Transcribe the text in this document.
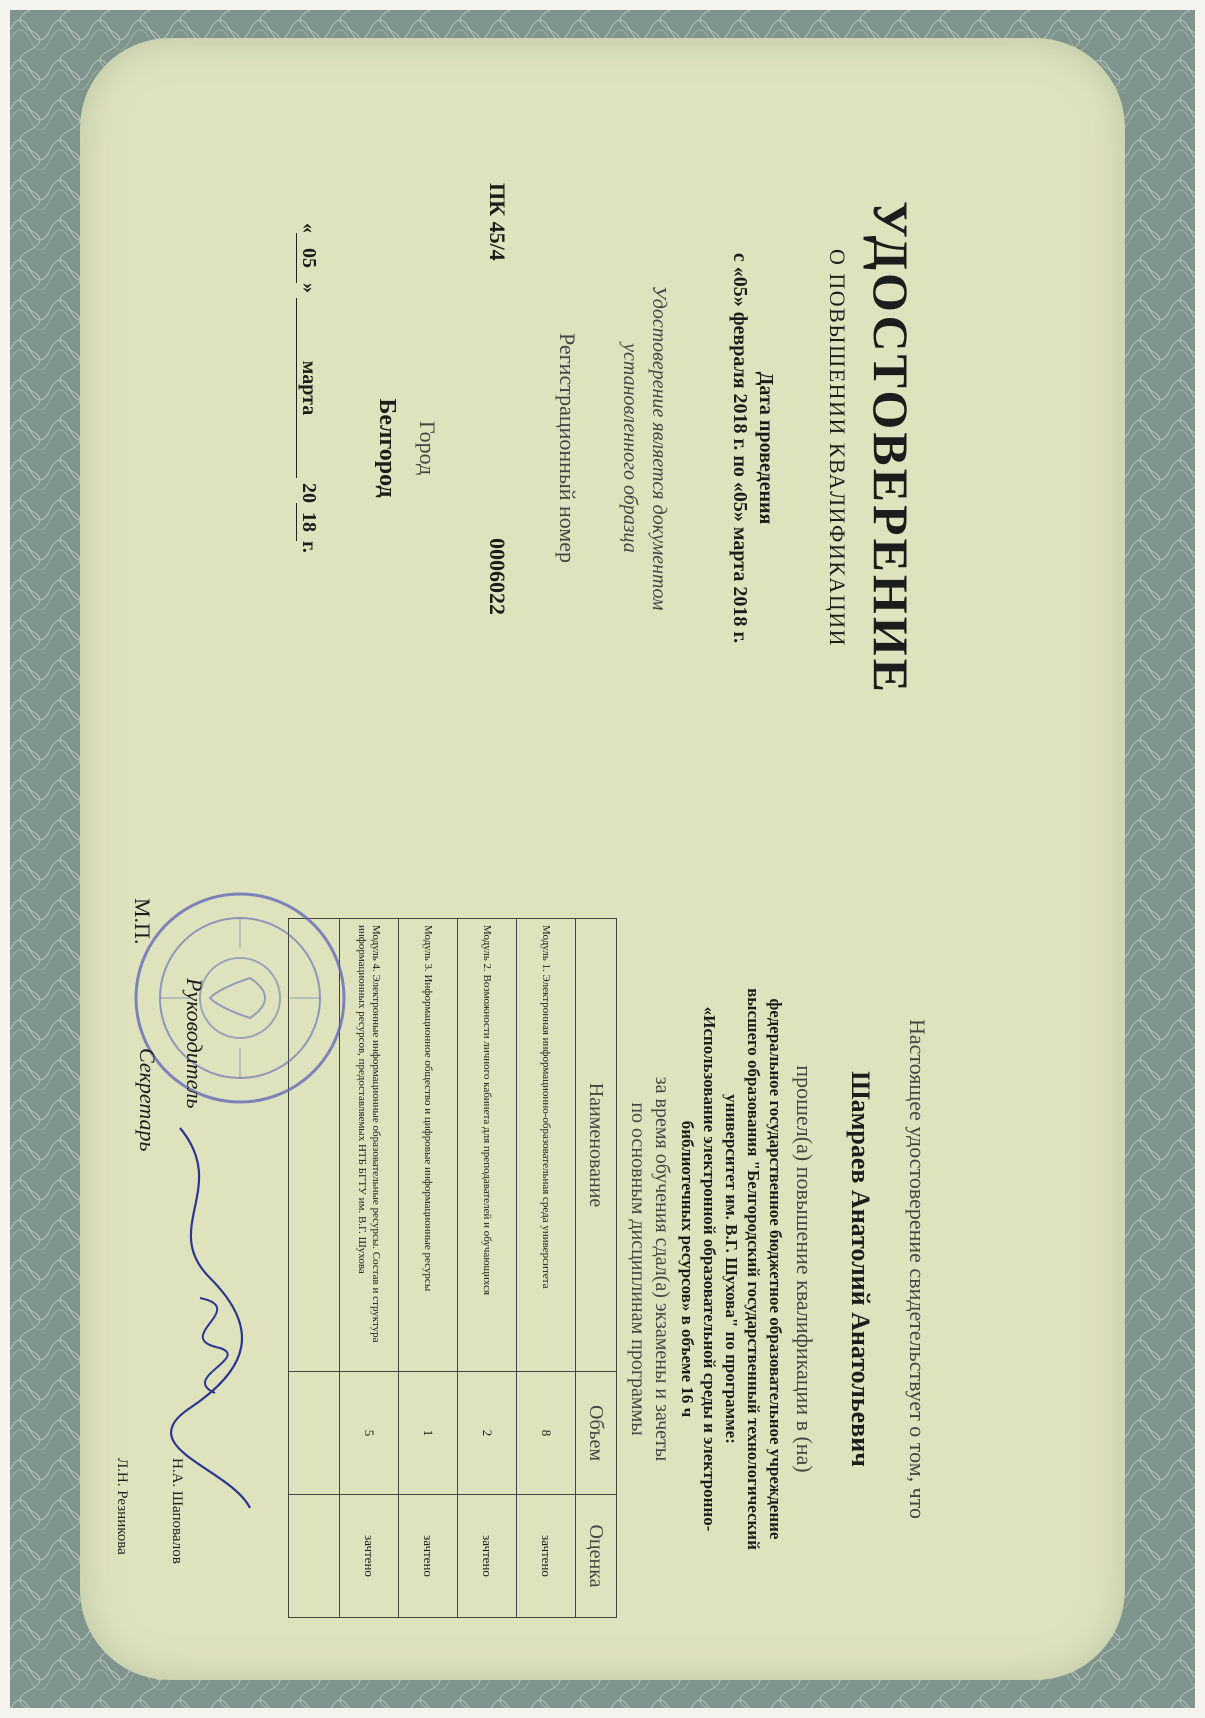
УДОСТОВЕРЕНИЕ
О ПОВЫШЕНИИ КВАЛИФИКАЦИИ
Дата проведения
с «05» февраля 2018 г. по «05» марта 2018 г.
Удостоверение является документом
установленного образца
Регистрационный номер
ПК 45/4
0006022
Город
Белгород
«05» марта 2018г.
Настоящее удостоверение свидетельствует о том, что
Шамраев Анатолий Анатольевич
прошел(а) повышение квалификации в (на)
федеральное государственное бюджетное образовательное учреждение
высшего образования "Белгородский государственный технологический
университет им. В.Г. Шухова" по программе:
«Использование электронной образовательной среды и электронно-
библиотечных ресурсов» в объеме 16 ч
за время обучения сдал(а) экзамены и зачеты
по основным дисциплинам программы
Наименование	Объем	Оценка
Модуль 1. Электронная информационно-образовательная среда университета	8	зачтено
Модуль 2. Возможности личного кабинета для преподавателей и обучающихся	2	зачтено
Модуль 3. Информационное общество и цифровые информационные ресурсы	1	зачтено
Модуль 4. Электронные информационные образовательные ресурсы. Состав и структура информационных ресурсов, предоставляемых НТБ БГТУ им. В.Г. Шухова	5	зачтено

Руководитель
Н.А. Шаповалов
Секретарь
Л.Н. Резникова
М.П.
